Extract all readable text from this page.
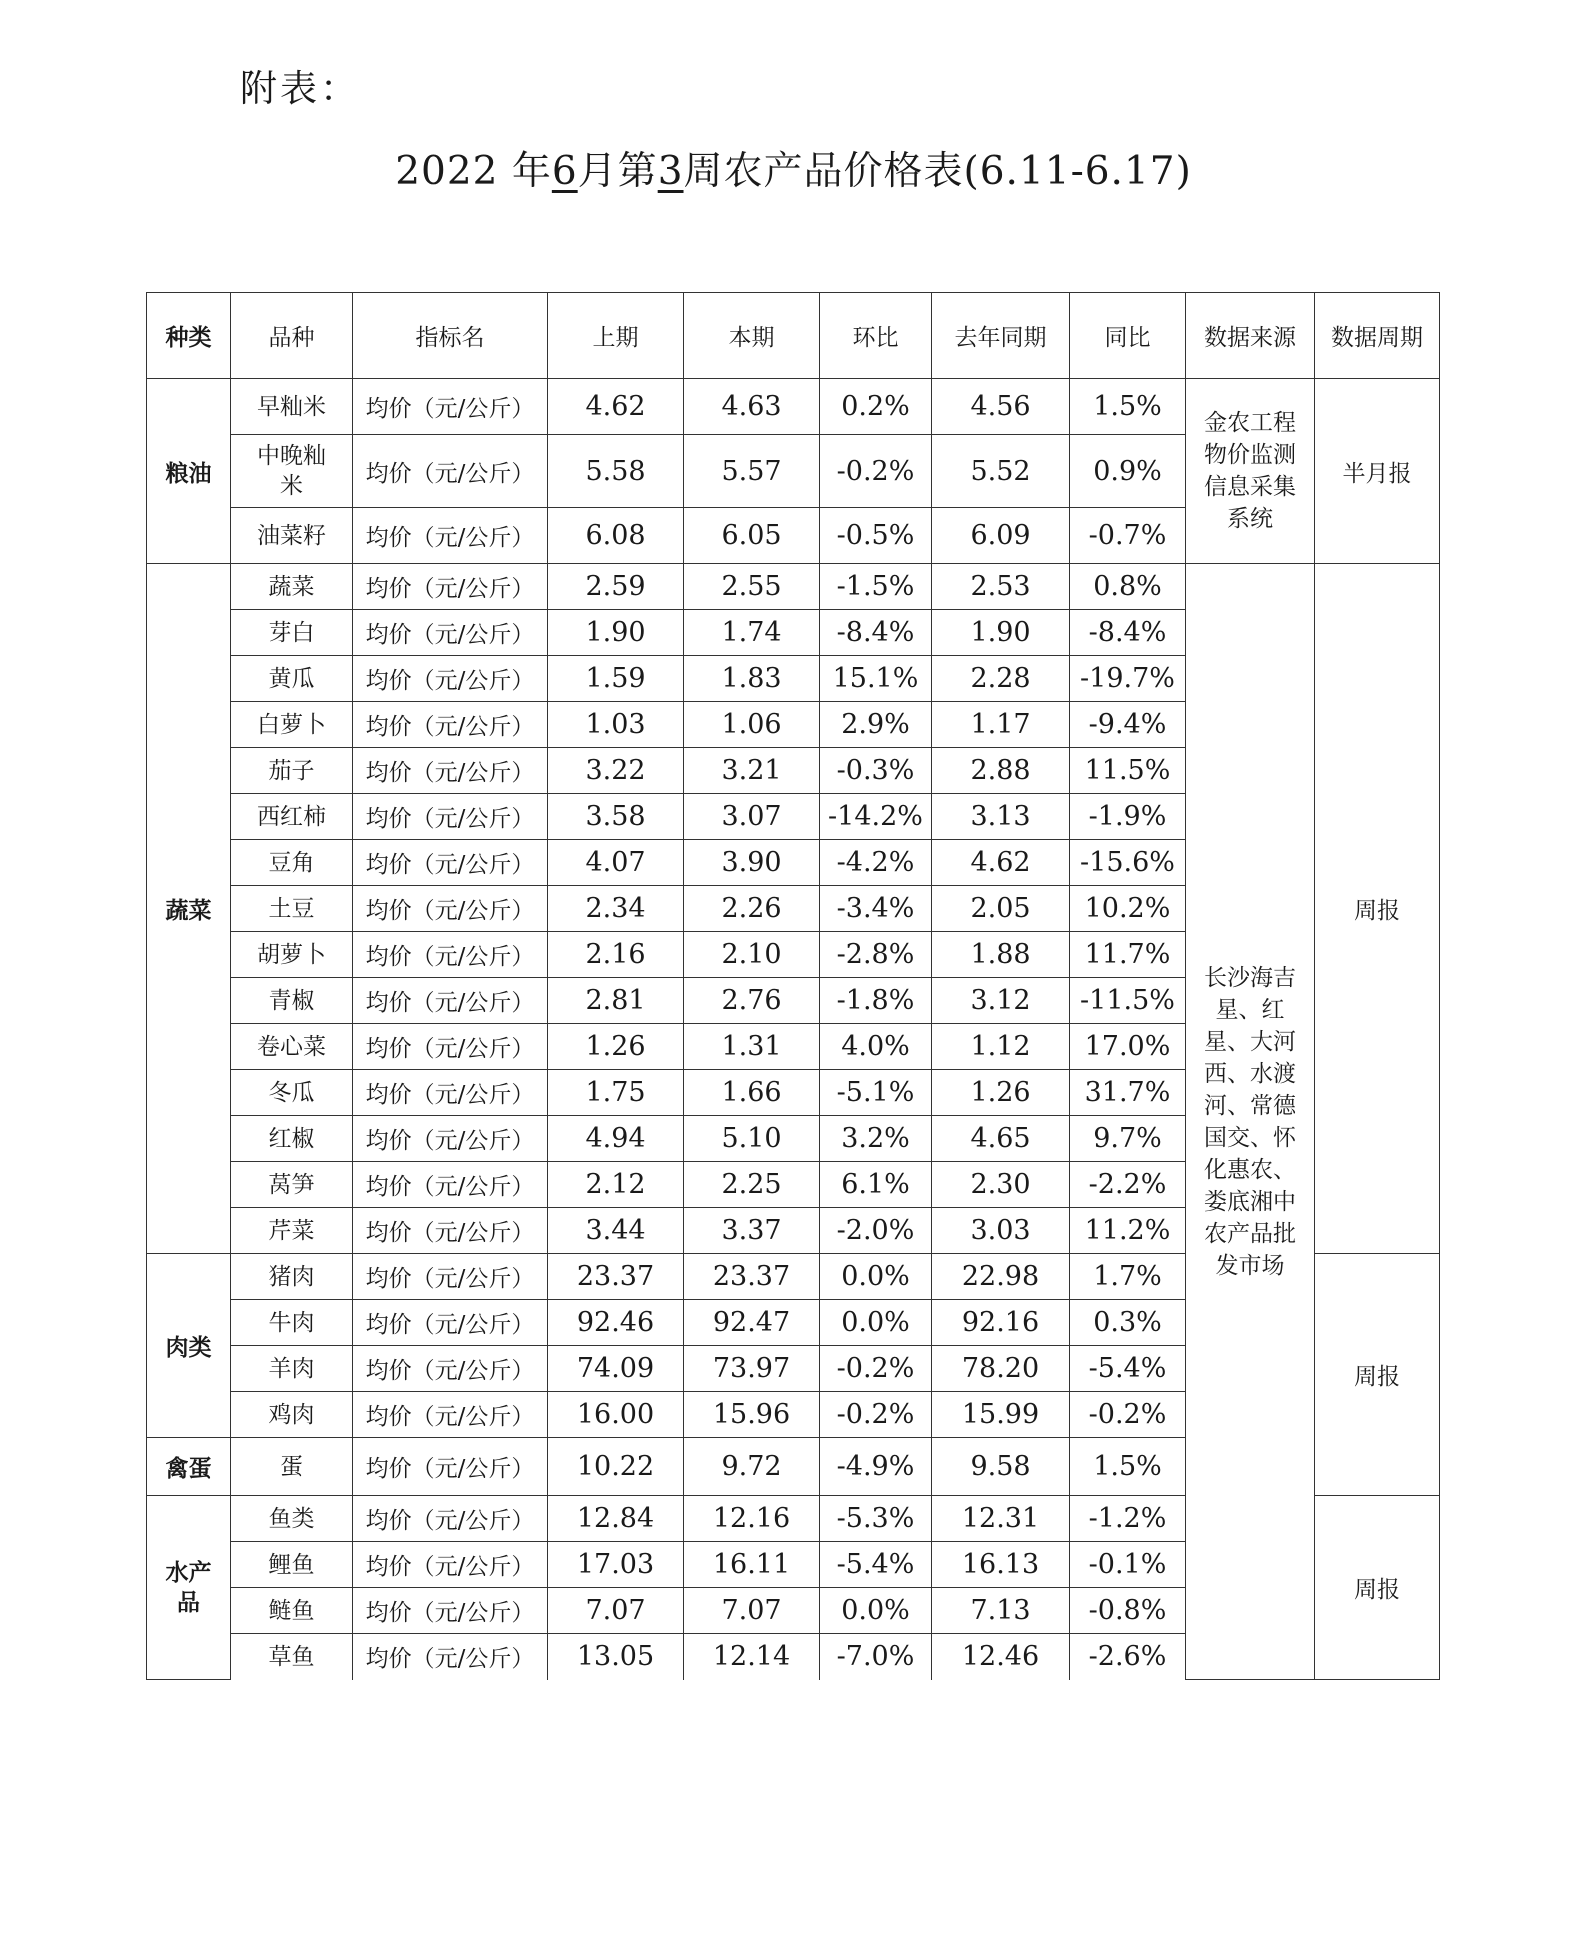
附表：
2022 年6月第3周农产品价格表(6.11-6.17)
种类	品种	指标名	上期	本期	环比	去年同期	同比	数据来源	数据周期
粮油	早籼米	均价（元/公斤）	4.62	4.63	0.2%	4.56	1.5%	金农工程物价监测信息采集系统	半月报
	中晚籼米	均价（元/公斤）	5.58	5.57	-0.2%	5.52	0.9%		
	油菜籽	均价（元/公斤）	6.08	6.05	-0.5%	6.09	-0.7%		
蔬菜	蔬菜	均价（元/公斤）	2.59	2.55	-1.5%	2.53	0.8%	长沙海吉星、红星、大河西、水渡河、常德国交、怀化惠农、娄底湘中农产品批发市场	周报
	芽白	均价（元/公斤）	1.90	1.74	-8.4%	1.90	-8.4%		
	黄瓜	均价（元/公斤）	1.59	1.83	15.1%	2.28	-19.7%		
	白萝卜	均价（元/公斤）	1.03	1.06	2.9%	1.17	-9.4%		
	茄子	均价（元/公斤）	3.22	3.21	-0.3%	2.88	11.5%		
	西红柿	均价（元/公斤）	3.58	3.07	-14.2%	3.13	-1.9%		
	豆角	均价（元/公斤）	4.07	3.90	-4.2%	4.62	-15.6%		
	土豆	均价（元/公斤）	2.34	2.26	-3.4%	2.05	10.2%		
	胡萝卜	均价（元/公斤）	2.16	2.10	-2.8%	1.88	11.7%		
	青椒	均价（元/公斤）	2.81	2.76	-1.8%	3.12	-11.5%		
	卷心菜	均价（元/公斤）	1.26	1.31	4.0%	1.12	17.0%		
	冬瓜	均价（元/公斤）	1.75	1.66	-5.1%	1.26	31.7%		
	红椒	均价（元/公斤）	4.94	5.10	3.2%	4.65	9.7%		
	莴笋	均价（元/公斤）	2.12	2.25	6.1%	2.30	-2.2%		
	芹菜	均价（元/公斤）	3.44	3.37	-2.0%	3.03	11.2%		
肉类	猪肉	均价（元/公斤）	23.37	23.37	0.0%	22.98	1.7%		周报
	牛肉	均价（元/公斤）	92.46	92.47	0.0%	92.16	0.3%		
	羊肉	均价（元/公斤）	74.09	73.97	-0.2%	78.20	-5.4%		
	鸡肉	均价（元/公斤）	16.00	15.96	-0.2%	15.99	-0.2%		
禽蛋	蛋	均价（元/公斤）	10.22	9.72	-4.9%	9.58	1.5%		
水产品	鱼类	均价（元/公斤）	12.84	12.16	-5.3%	12.31	-1.2%		周报
	鲤鱼	均价（元/公斤）	17.03	16.11	-5.4%	16.13	-0.1%		
	鲢鱼	均价（元/公斤）	7.07	7.07	0.0%	7.13	-0.8%		
	草鱼	均价（元/公斤）	13.05	12.14	-7.0%	12.46	-2.6%		
